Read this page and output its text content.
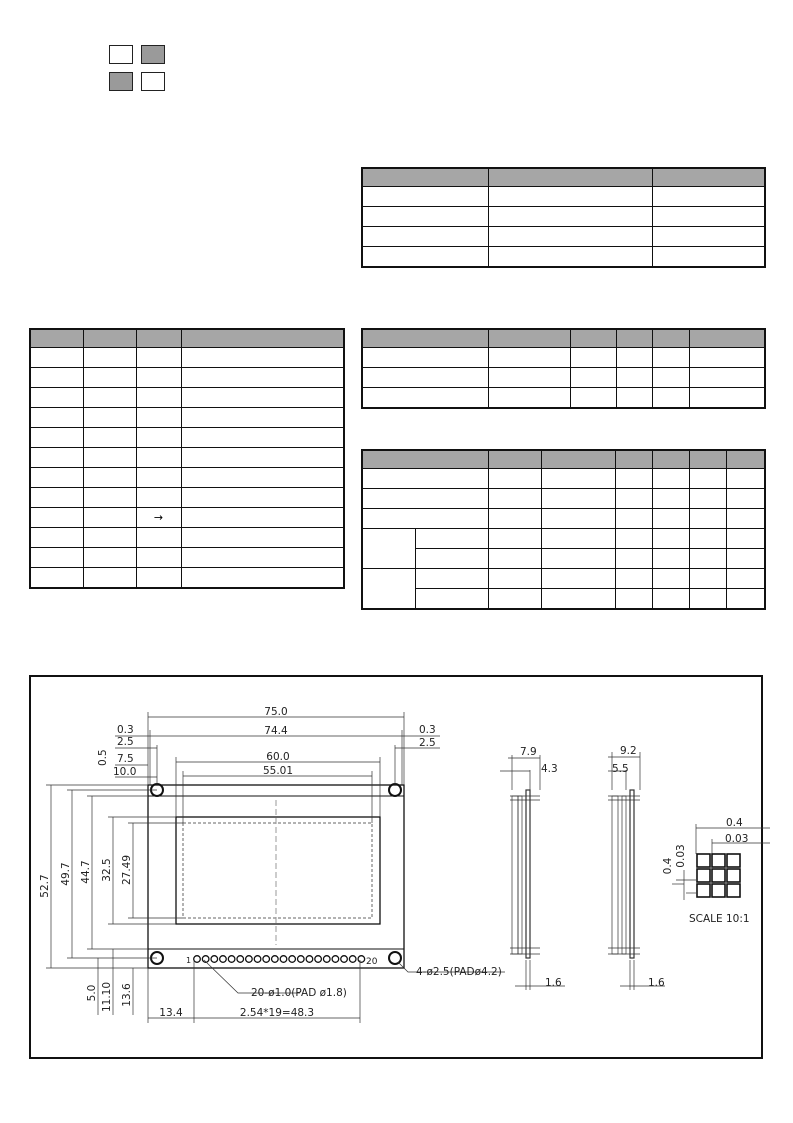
		→	

75.0
74.4
0.3
2.5
7.5
10.0
0.3
2.5
60.0
55.01
0.5
52.7
49.7 44.7 32.5 27.49
5.0 11.10 13.6
13.4	2.54*19=48.3
20-ø1.0(PAD ø1.8)
4-ø2.5(PADø4.2)
1	20
7.9
4.3
1.6
9.2
5.5
1.6
0.4
0.03
0.4 0.03
SCALE 10:1
